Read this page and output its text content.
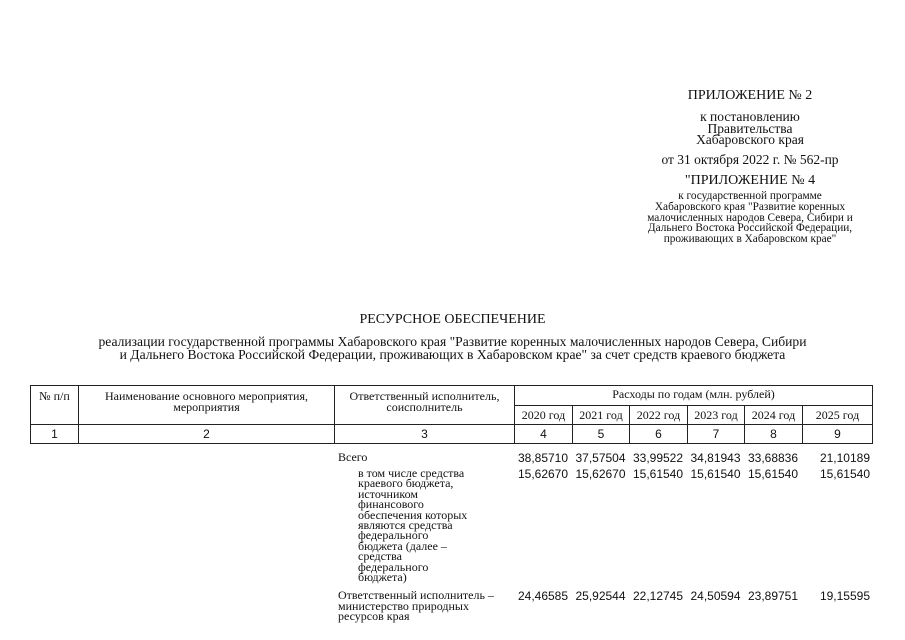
ПРИЛОЖЕНИЕ № 2
к постановлению
Правительства
Хабаровского края
от 31 октября 2022 г. № 562-пр
"ПРИЛОЖЕНИЕ № 4
к государственной программе
Хабаровского края "Развитие коренных
малочисленных народов Севера, Сибири и
Дальнего Востока Российской Федерации,
проживающих в Хабаровском крае"
РЕСУРСНОЕ ОБЕСПЕЧЕНИЕ
реализации государственной программы Хабаровского края "Развитие коренных малочисленных народов Севера, Сибири
и Дальнего Востока Российской Федерации, проживающих в Хабаровском крае" за счет средств краевого бюджета
№ п/п	Наименование основного мероприятия, мероприятия	Ответственный исполнитель, соисполнитель	Расходы по годам (млн. рублей)					
			2020 год	2021 год	2022 год	2023 год	2024 год	2025 год
1	2	3	4	5	6	7	8	9
		Всего	38,85710	37,57504	33,99522	34,81943	33,68836	21,10189
		в том числе средства краевого бюджета, источником финансового обеспечения которых являются средства федерального бюджета (далее – средства федерального бюджета)	15,62670	15,62670	15,61540	15,61540	15,61540	15,61540

		Ответственный исполнитель – министерство природных ресурсов края	24,46585	25,92544	22,12745	24,50594	23,89751	19,15595
